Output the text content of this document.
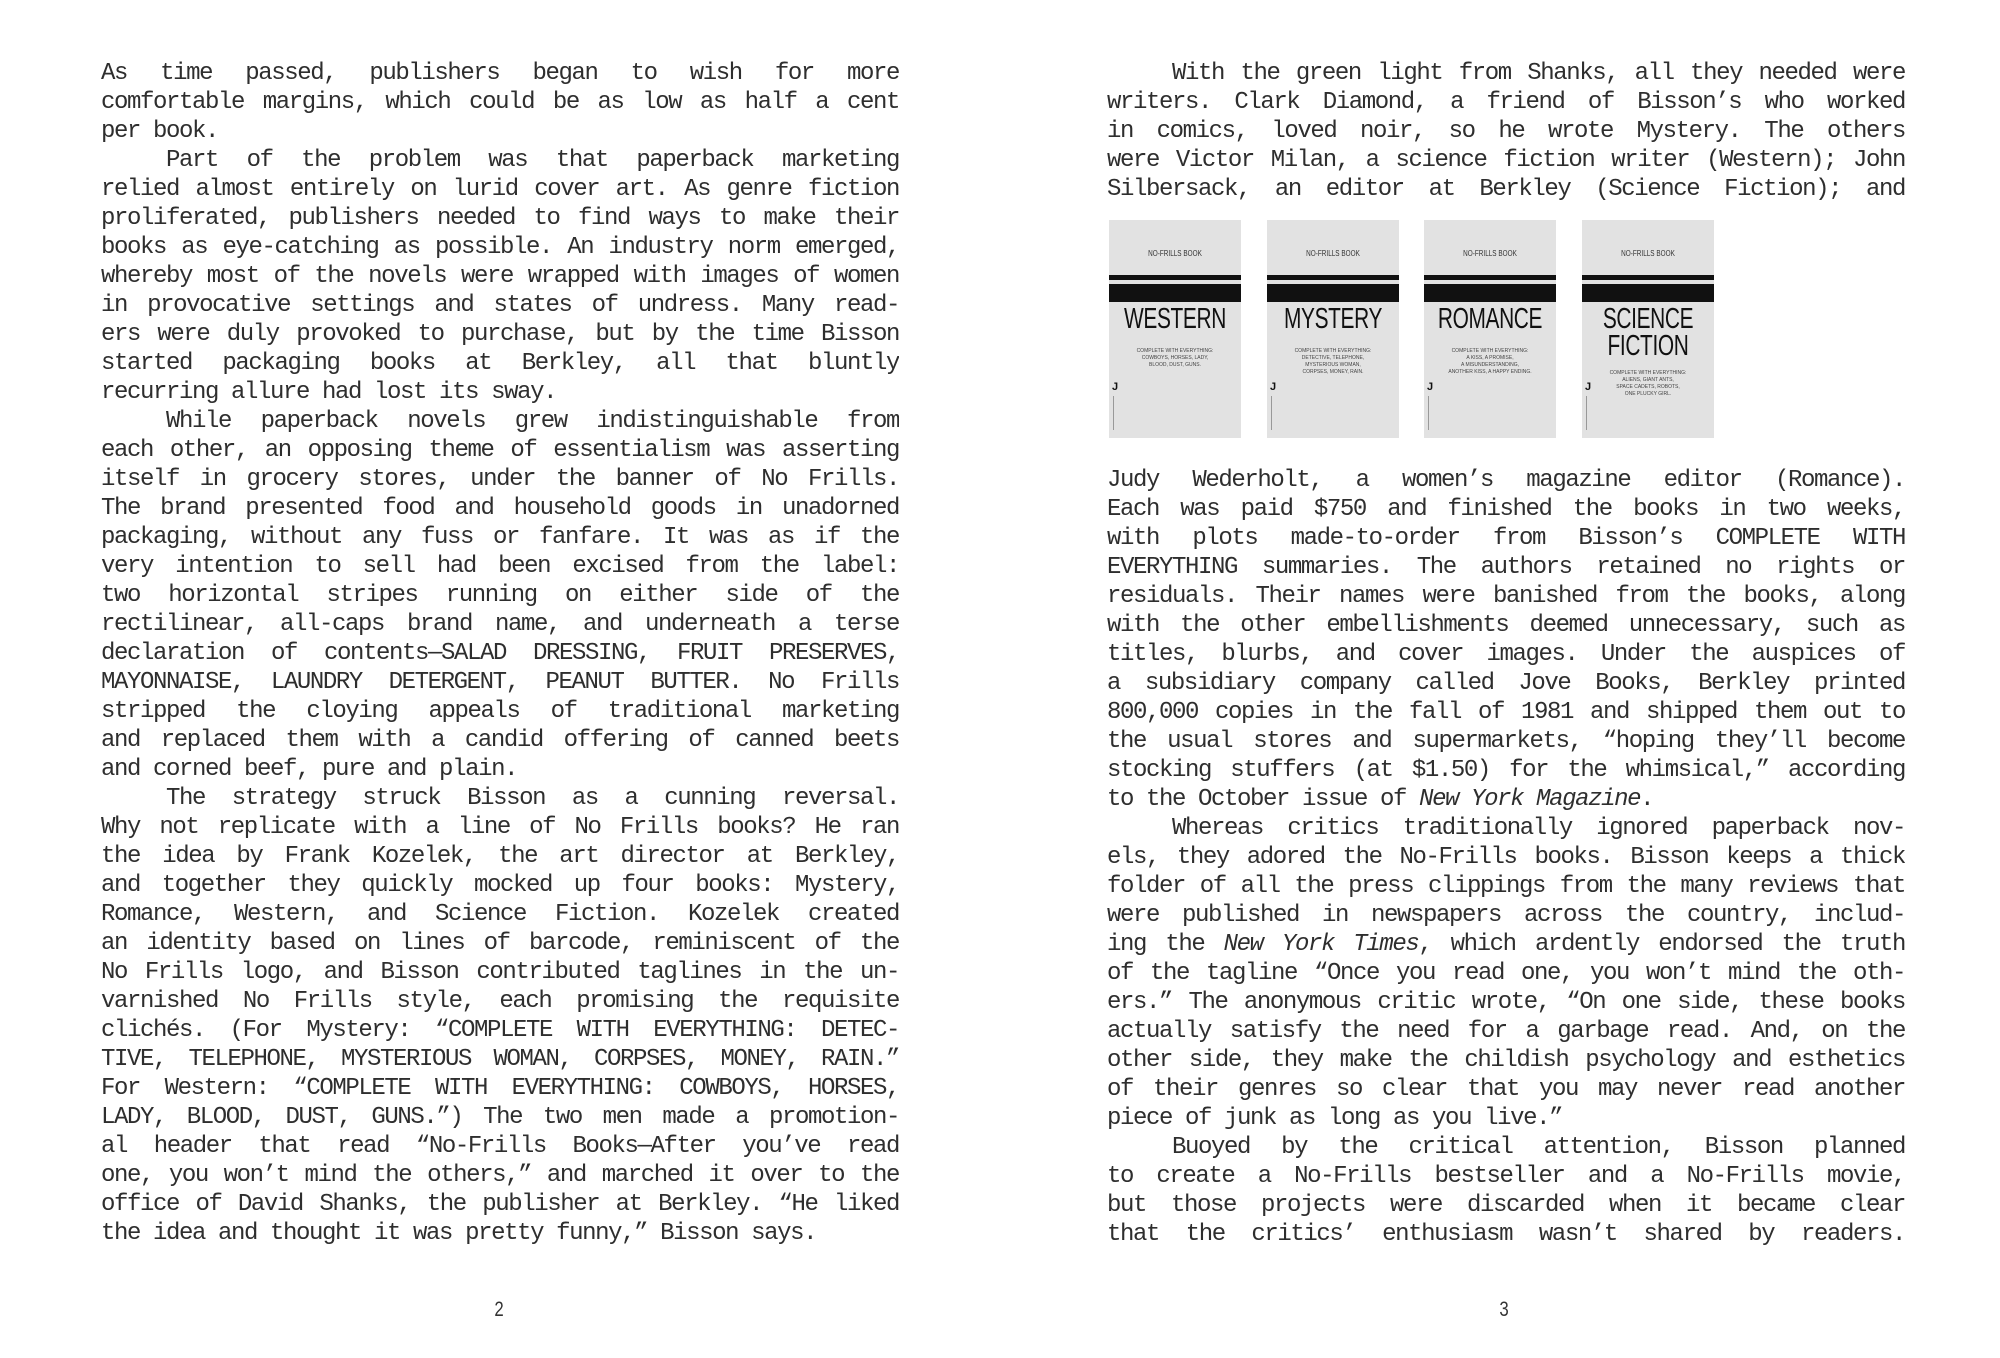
As time passed, publishers began to wish for more
comfortable margins, which could be as low as half a cent
per book.
Part of the problem was that paperback marketing
relied almost entirely on lurid cover art. As genre fiction
proliferated, publishers needed to find ways to make their
books as eye-catching as possible. An industry norm emerged,
whereby most of the novels were wrapped with images of women
in provocative settings and states of undress. Many read-
ers were duly provoked to purchase, but by the time Bisson
started packaging books at Berkley, all that bluntly
recurring allure had lost its sway.
While paperback novels grew indistinguishable from
each other, an opposing theme of essentialism was asserting
itself in grocery stores, under the banner of No Frills.
The brand presented food and household goods in unadorned
packaging, without any fuss or fanfare. It was as if the
very intention to sell had been excised from the label:
two horizontal stripes running on either side of the
rectilinear, all-caps brand name, and underneath a terse
declaration of contents—SALAD DRESSING, FRUIT PRESERVES,
MAYONNAISE, LAUNDRY DETERGENT, PEANUT BUTTER. No Frills
stripped the cloying appeals of traditional marketing
and replaced them with a candid offering of canned beets
and corned beef, pure and plain.
The strategy struck Bisson as a cunning reversal.
Why not replicate with a line of No Frills books? He ran
the idea by Frank Kozelek, the art director at Berkley,
and together they quickly mocked up four books: Mystery,
Romance, Western, and Science Fiction. Kozelek created
an identity based on lines of barcode, reminiscent of the
No Frills logo, and Bisson contributed taglines in the un-
varnished No Frills style, each promising the requisite
clichés. (For Mystery: “COMPLETE WITH EVERYTHING: DETEC-
TIVE, TELEPHONE, MYSTERIOUS WOMAN, CORPSES, MONEY, RAIN.”
For Western: “COMPLETE WITH EVERYTHING: COWBOYS, HORSES,
LADY, BLOOD, DUST, GUNS.”) The two men made a promotion-
al header that read “No-Frills Books—After you’ve read
one, you won’t mind the others,” and marched it over to the
office of David Shanks, the publisher at Berkley. “He liked
the idea and thought it was pretty funny,” Bisson says.
With the green light from Shanks, all they needed were
writers. Clark Diamond, a friend of Bisson’s who worked
in comics, loved noir, so he wrote Mystery. The others
were Victor Milan, a science fiction writer (Western); John
Silbersack, an editor at Berkley (Science Fiction); and
NO-FRILLS BOOK
WESTERN
COMPLETE WITH EVERYTHING:
COWBOYS, HORSES, LADY,
BLOOD, DUST, GUNS.
J
NO-FRILLS BOOK
MYSTERY
COMPLETE WITH EVERYTHING:
DETECTIVE, TELEPHONE,
MYSTERIOUS WOMAN,
CORPSES, MONEY, RAIN.
J
NO-FRILLS BOOK
ROMANCE
COMPLETE WITH EVERYTHING:
A KISS, A PROMISE,
A MISUNDERSTANDING,
ANOTHER KISS, A HAPPY ENDING.
J
NO-FRILLS BOOK
SCIENCE
FICTION
COMPLETE WITH EVERYTHING:
ALIENS, GIANT ANTS,
SPACE CADETS, ROBOTS,
ONE PLUCKY GIRL.
J
Judy Wederholt, a women’s magazine editor (Romance).
Each was paid $750 and finished the books in two weeks,
with plots made-to-order from Bisson’s COMPLETE WITH
EVERYTHING summaries. The authors retained no rights or
residuals. Their names were banished from the books, along
with the other embellishments deemed unnecessary, such as
titles, blurbs, and cover images. Under the auspices of
a subsidiary company called Jove Books, Berkley printed
800,000 copies in the fall of 1981 and shipped them out to
the usual stores and supermarkets, “hoping they’ll become
stocking stuffers (at $1.50) for the whimsical,” according
to the October issue of New York Magazine.
Whereas critics traditionally ignored paperback nov-
els, they adored the No-Frills books. Bisson keeps a thick
folder of all the press clippings from the many reviews that
were published in newspapers across the country, includ-
ing the New York Times, which ardently endorsed the truth
of the tagline “Once you read one, you won’t mind the oth-
ers.” The anonymous critic wrote, “On one side, these books
actually satisfy the need for a garbage read. And, on the
other side, they make the childish psychology and esthetics
of their genres so clear that you may never read another
piece of junk as long as you live.”
Buoyed by the critical attention, Bisson planned
to create a No-Frills bestseller and a No-Frills movie,
but those projects were discarded when it became clear
that the critics’ enthusiasm wasn’t shared by readers.
2	3
